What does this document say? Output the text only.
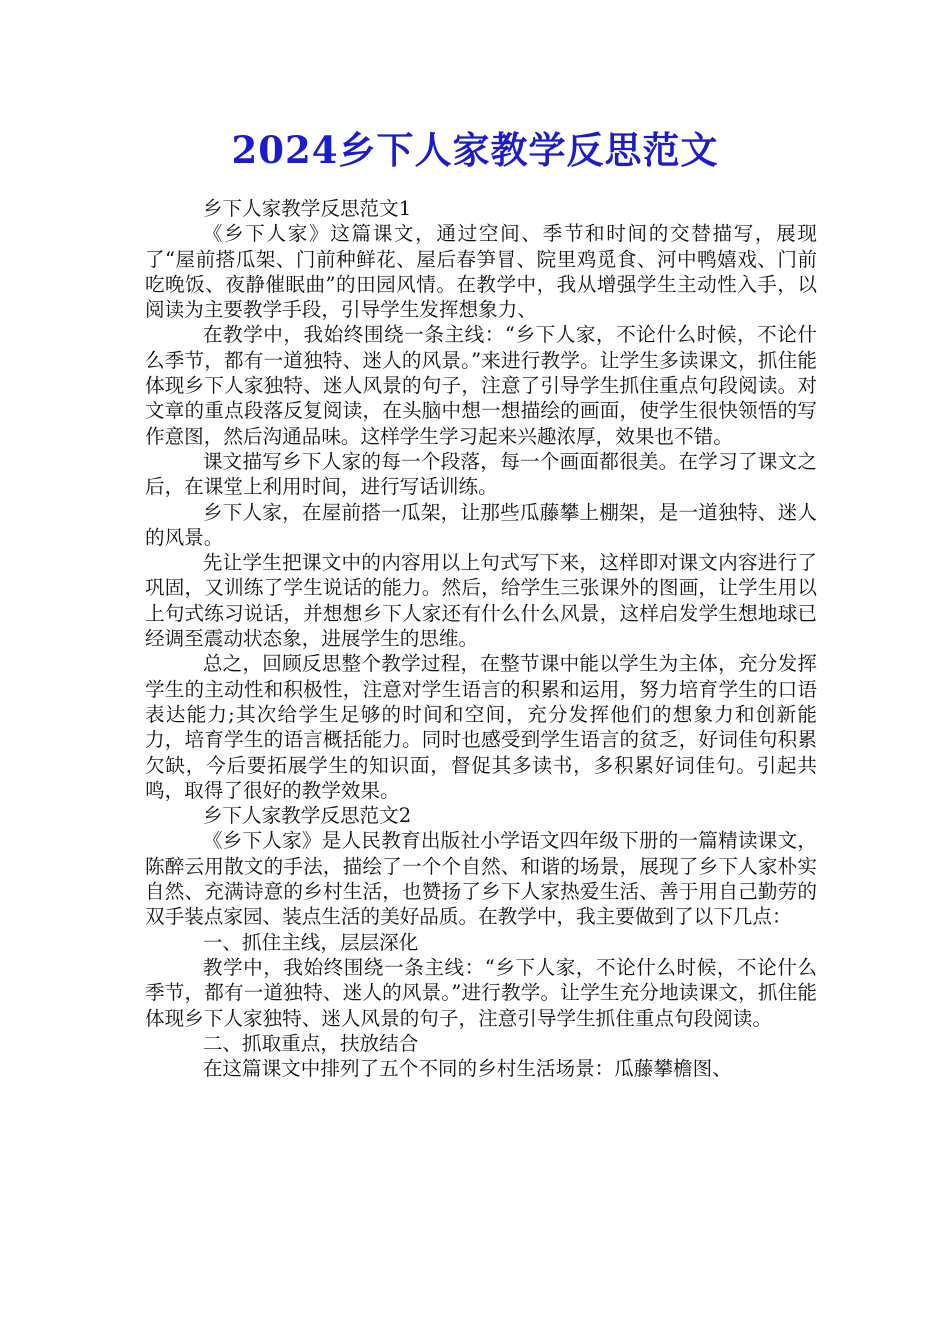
2024乡下人家教学反思范文

乡下人家教学反思范文1

《乡下人家》这篇课文，通过空间、季节和时间的交替描写，展现了“屋前搭瓜架、门前种鲜花、屋后春笋冒、院里鸡觅食、河中鸭嬉戏、门前吃晚饭、夜静催眠曲”的田园风情。在教学中，我从增强学生主动性入手，以阅读为主要教学手段，引导学生发挥想象力、

在教学中，我始终围绕一条主线：“乡下人家，不论什么时候，不论什么季节，都有一道独特、迷人的风景。”来进行教学。让学生多读课文，抓住能体现乡下人家独特、迷人风景的句子，注意了引导学生抓住重点句段阅读。对文章的重点段落反复阅读，在头脑中想一想描绘的画面，使学生很快领悟的写作意图，然后沟通品味。这样学生学习起来兴趣浓厚，效果也不错。

课文描写乡下人家的每一个段落，每一个画面都很美。在学习了课文之后，在课堂上利用时间，进行写话训练。

乡下人家，在屋前搭一瓜架，让那些瓜藤攀上棚架，是一道独特、迷人的风景。

先让学生把课文中的内容用以上句式写下来，这样即对课文内容进行了巩固，又训练了学生说话的能力。然后，给学生三张课外的图画，让学生用以上句式练习说话，并想想乡下人家还有什么什么风景，这样启发学生想地球已经调至震动状态象，进展学生的思维。

总之，回顾反思整个教学过程，在整节课中能以学生为主体，充分发挥学生的主动性和积极性，注意对学生语言的积累和运用，努力培育学生的口语表达能力;其次给学生足够的时间和空间，充分发挥他们的想象力和创新能力，培育学生的语言概括能力。同时也感受到学生语言的贫乏，好词佳句积累欠缺，今后要拓展学生的知识面，督促其多读书，多积累好词佳句。引起共鸣，取得了很好的教学效果。

乡下人家教学反思范文2

《乡下人家》是人民教育出版社小学语文四年级下册的一篇精读课文，陈醉云用散文的手法，描绘了一个个自然、和谐的场景，展现了乡下人家朴实自然、充满诗意的乡村生活，也赞扬了乡下人家热爱生活、善于用自己勤劳的双手装点家园、装点生活的美好品质。在教学中，我主要做到了以下几点：

一、抓住主线，层层深化

教学中，我始终围绕一条主线：“乡下人家，不论什么时候，不论什么季节，都有一道独特、迷人的风景。”进行教学。让学生充分地读课文，抓住能体现乡下人家独特、迷人风景的句子，注意引导学生抓住重点句段阅读。

二、抓取重点，扶放结合

在这篇课文中排列了五个不同的乡村生活场景：瓜藤攀檐图、
